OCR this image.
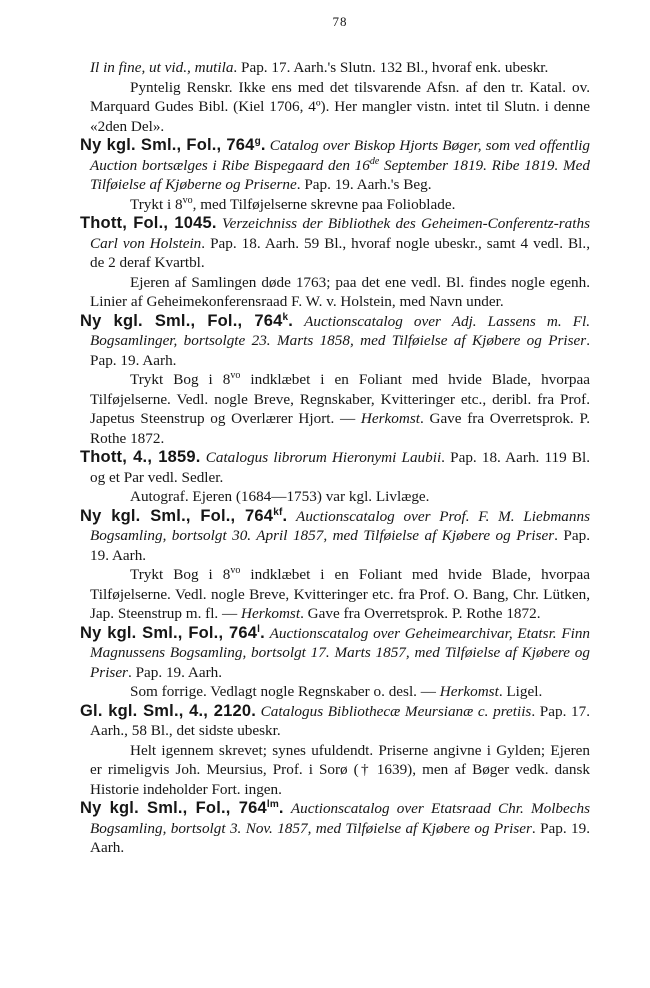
78

Il in fine, ut vid., mutila. Pap. 17. Aarh.'s Slutn. 132 Bl., hvoraf enk. ubeskr.

Pyntelig Renskr. Ikke ens med det tilsvarende Afsn. af den tr. Katal. ov. Marquard Gudes Bibl. (Kiel 1706, 4º). Her mangler vistn. intet til Slutn. i denne «2den Del».

Ny kgl. Sml., Fol., 764$^g$. Catalog over Biskop Hjorts Bøger, som ved offentlig Auction bortsælges i Ribe Bispegaard den 16de September 1819. Ribe 1819. Med Tilføielse af Kjøberne og Priserne. Pap. 19. Aarh.'s Beg.

Trykt i $8^{vo}$, med Tilføjelserne skrevne paa Folioblade.

Thott, Fol., 1045. Verzeichniss der Bibliothek des Geheimen-Conferentz-raths Carl von Holstein. Pap. 18. Aarh. 59 Bl., hvoraf nogle ubeskr., samt 4 vedl. Bl., de 2 deraf Kvartbl.

Ejeren af Samlingen døde 1763; paa det ene vedl. Bl. findes nogle egenh. Linier af Geheimekonferensraad F. W. v. Holstein, med Navn under.

Ny kgl. Sml., Fol., 764$^k$. Auctionscatalog over Adj. Lassens m. Fl. Bogsamlinger, bortsolgte 23. Marts 1858, med Tilføielse af Kjøbere og Priser. Pap. 19. Aarh.

Trykt Bog i $8^{vo}$ indklæbet i en Foliant med hvide Blade, hvorpaa Tilføjelserne. Vedl. nogle Breve, Regnskaber, Kvitteringer etc., deribl. fra Prof. Japetus Steenstrup og Overlærer Hjort. — Herkomst. Gave fra Overretsprok. P. Rothe 1872.

Thott, 4., 1859. Catalogus librorum Hieronymi Laubii. Pap. 18. Aarh. 119 Bl. og et Par vedl. Sedler.

Autograf. Ejeren (1684—1753) var kgl. Livlæge.

Ny kgl. Sml., Fol., $764^{kf}$. Auctionscatalog over Prof. F. M. Liebmanns Bogsamling, bortsolgt 30. April 1857, med Tilføielse af Kjøbere og Priser. Pap. 19. Aarh.

Trykt Bog i $8^{vo}$ indklæbet i en Foliant med hvide Blade, hvorpaa Tilføjelserne. Vedl. nogle Breve, Kvitteringer etc. fra Prof. O. Bang, Chr. Lütken, Jap. Steenstrup m. fl. — Herkomst. Gave fra Overretsprok. P. Rothe 1872.

Ny kgl. Sml., Fol., 764$^l$. Auctionscatalog over Geheimearchivar, Etatsr. Finn Magnussens Bogsamling, bortsolgt 17. Marts 1857, med Tilføielse af Kjøbere og Priser. Pap. 19. Aarh.

Som forrige. Vedlagt nogle Regnskaber o. desl. — Herkomst. Ligel.

Gl. kgl. Sml., 4., 2120. Catalogus Bibliothecæ Meursianæ c. pretiis. Pap. 17. Aarh., 58 Bl., det sidste ubeskr.

Helt igennem skrevet; synes ufuldendt. Priserne angivne i Gylden; Ejeren er rimeligvis Joh. Meursius, Prof. i Sorø († 1639), men af Bøger vedk. dansk Historie indeholder Fort. ingen.

Ny kgl. Sml., Fol., $764^{lm}$. Auctionscatalog over Etatsraad Chr. Molbechs Bogsamling, bortsolgt 3. Nov. 1857, med Tilføielse af Kjøbere og Priser. Pap. 19. Aarh.
